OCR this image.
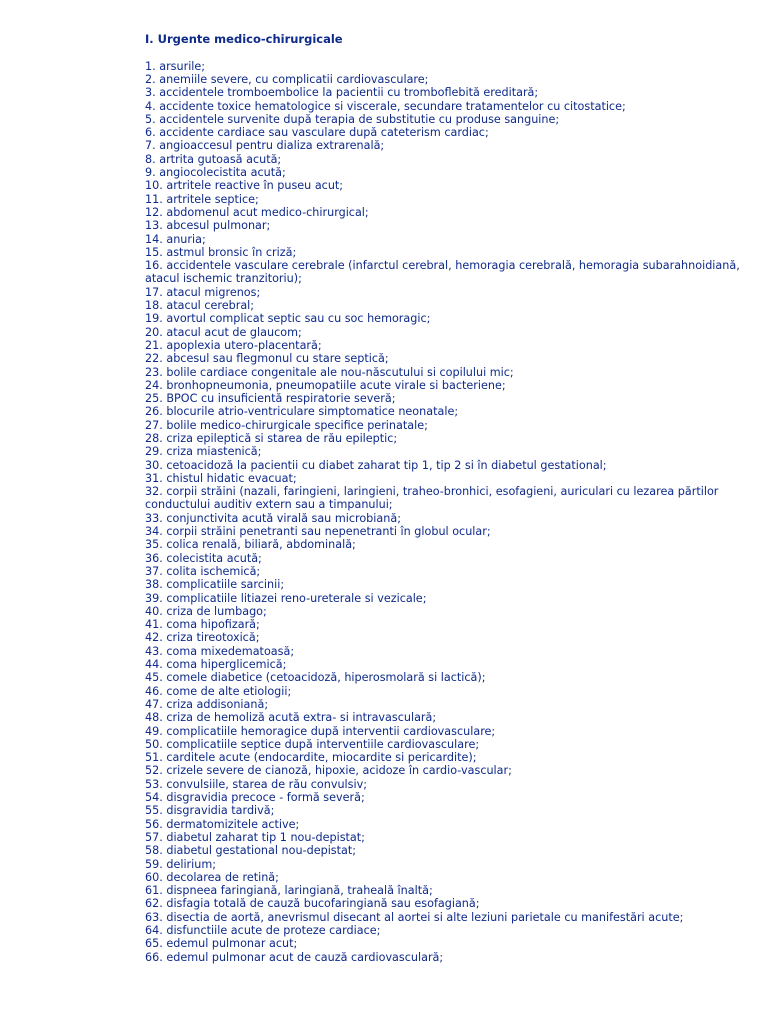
I. Urgente medico-chirurgicale
1. arsurile;
2. anemiile severe, cu complicatii cardiovasculare;
3. accidentele tromboembolice la pacientii cu tromboflebită ereditară;
4. accidente toxice hematologice si viscerale, secundare tratamentelor cu citostatice;
5. accidentele survenite după terapia de substitutie cu produse sanguine;
6. accidente cardiace sau vasculare după cateterism cardiac;
7. angioaccesul pentru dializa extrarenală;
8. artrita gutoasă acută;
9. angiocolecistita acută;
10. artritele reactive în puseu acut;
11. artritele septice;
12. abdomenul acut medico-chirurgical;
13. abcesul pulmonar;
14. anuria;
15. astmul bronsic în criză;
16. accidentele vasculare cerebrale (infarctul cerebral, hemoragia cerebrală, hemoragia subarahnoidiană, atacul ischemic tranzitoriu);
17. atacul migrenos;
18. atacul cerebral;
19. avortul complicat septic sau cu soc hemoragic;
20. atacul acut de glaucom;
21. apoplexia utero-placentară;
22. abcesul sau flegmonul cu stare septică;
23. bolile cardiace congenitale ale nou-născutului si copilului mic;
24. bronhopneumonia, pneumopatiile acute virale si bacteriene;
25. BPOC cu insuficientă respiratorie severă;
26. blocurile atrio-ventriculare simptomatice neonatale;
27. bolile medico-chirurgicale specifice perinatale;
28. criza epileptică si starea de rău epileptic;
29. criza miastenică;
30. cetoacidoză la pacientii cu diabet zaharat tip 1, tip 2 si în diabetul gestational;
31. chistul hidatic evacuat;
32. corpii străini (nazali, faringieni, laringieni, traheo-bronhici, esofagieni, auriculari cu lezarea părtilor conductului auditiv extern sau a timpanului;
33. conjunctivita acută virală sau microbiană;
34. corpii străini penetranti sau nepenetranti în globul ocular;
35. colica renală, biliară, abdominală;
36. colecistita acută;
37. colita ischemică;
38. complicatiile sarcinii;
39. complicatiile litiazei reno-ureterale si vezicale;
40. criza de lumbago;
41. coma hipofizară;
42. criza tireotoxică;
43. coma mixedematoasă;
44. coma hiperglicemică;
45. comele diabetice (cetoacidoză, hiperosmolară si lactică);
46. come de alte etiologii;
47. criza addisoniană;
48. criza de hemoliză acută extra- si intravasculară;
49. complicatiile hemoragice după interventii cardiovasculare;
50. complicatiile septice după interventiile cardiovasculare;
51. carditele acute (endocardite, miocardite si pericardite);
52. crizele severe de cianoză, hipoxie, acidoze în cardio-vascular;
53. convulsiile, starea de rău convulsiv;
54. disgravidia precoce - formă severă;
55. disgravidia tardivă;
56. dermatomizitele active;
57. diabetul zaharat tip 1 nou-depistat;
58. diabetul gestational nou-depistat;
59. delirium;
60. decolarea de retină;
61. dispneea faringiană, laringiană, traheală înaltă;
62. disfagia totală de cauză bucofaringiană sau esofagiană;
63. disectia de aortă, anevrismul disecant al aortei si alte leziuni parietale cu manifestări acute;
64. disfunctiile acute de proteze cardiace;
65. edemul pulmonar acut;
66. edemul pulmonar acut de cauză cardiovasculară;
